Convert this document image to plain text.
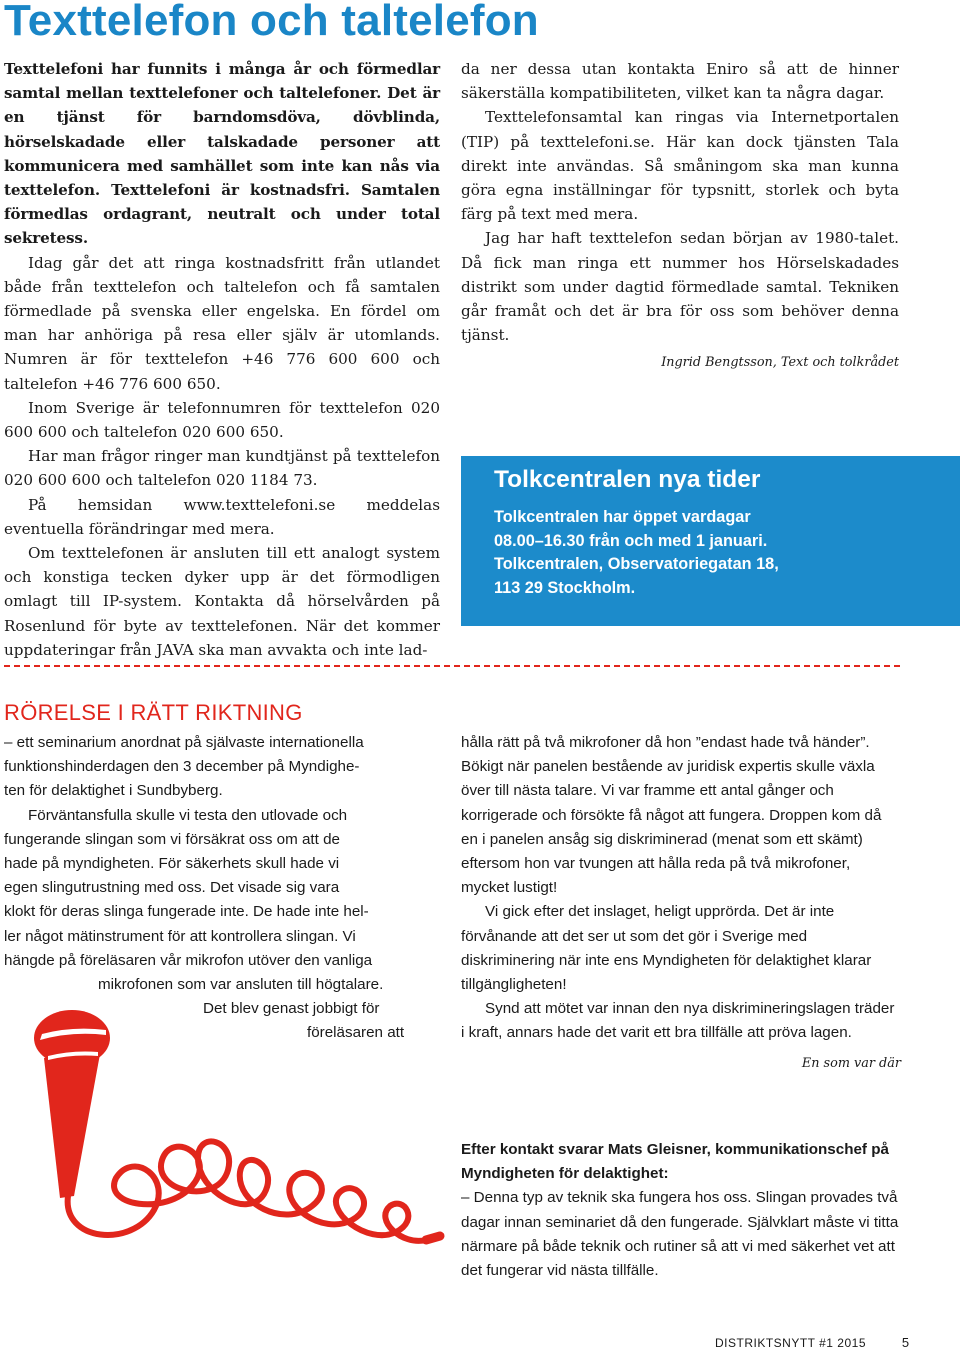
Texttelefon och taltelefon

Texttelefoni har funnits i många år och förmedlar samtal mellan texttelefoner och taltelefoner. Det är en tjänst för barndomsdöva, dövblinda, hörselskadade eller talskadade personer att kommunicera med samhället som inte kan nås via texttelefon. Texttelefoni är kostnadsfri. Samtalen förmedlas ordagrant, neutralt och under total sekretess.

Idag går det att ringa kostnadsfritt från utlandet både från texttelefon och taltelefon och få samtalen förmedlade på svenska eller engelska. En fördel om man har anhöriga på resa eller själv är utomlands. Numren är för texttelefon +46 776 600 600 och taltelefon +46 776 600 650.

Inom Sverige är telefonnumren för texttelefon 020 600 600 och taltelefon 020 600 650.

Har man frågor ringer man kundtjänst på texttelefon 020 600 600 och taltelefon 020 1184 73.

På hemsidan www.texttelefoni.se meddelas eventuella förändringar med mera.

Om texttelefonen är ansluten till ett analogt system och konstiga tecken dyker upp är det förmodligen omlagt till IP-system. Kontakta då hörselvården på Rosenlund för byte av texttelefonen. När det kommer uppdateringar från JAVA ska man avvakta och inte lad-

da ner dessa utan kontakta Eniro så att de hinner säkerställa kompatibiliteten, vilket kan ta några dagar.

Texttelefonsamtal kan ringas via Internetportalen (TIP) på texttelefoni.se. Här kan dock tjänsten Tala direkt inte användas. Så småningom ska man kunna göra egna inställningar för typsnitt, storlek och byta färg på text med mera.

Jag har haft texttelefon sedan början av 1980-talet. Då fick man ringa ett nummer hos Hörselskadades distrikt som under dagtid förmedlade samtal. Tekniken går framåt och det är bra för oss som behöver denna tjänst.

Ingrid Bengtsson, Text och tolkrådet

Tolkcentralen nya tider
Tolkcentralen har öppet vardagar
08.00–16.30 från och med 1 januari.
Tolkcentralen, Observatoriegatan 18,
113 29 Stockholm.
RÖRELSE I RÄTT RIKTNING

– ett seminarium anordnat på självaste internationella
funktionshinderdagen den 3 december på Myndighe-
ten för delaktighet i Sundbyberg.

Förväntansfulla skulle vi testa den utlovade och
fungerande slingan som vi försäkrat oss om att de
hade på myndigheten. För säkerhets skull hade vi
egen slingutrustning med oss. Det visade sig vara
klokt för deras slinga fungerade inte. De hade inte hel-
ler något mätinstrument för att kontrollera slingan. Vi
hängde på föreläsaren vår mikrofon utöver den vanliga
mikrofonen som var ansluten till högtalare.
Det blev genast jobbigt för
föreläsaren att

hålla rätt på två mikrofoner då hon ”endast hade två händer”. Bökigt när panelen bestående av juridisk expertis skulle växla över till nästa talare. Vi var framme ett antal gånger och korrigerade och försökte få något att fungera. Droppen kom då en i panelen ansåg sig diskriminerad (menat som ett skämt) eftersom hon var tvungen att hålla reda på två mikrofoner, mycket lustigt!

Vi gick efter det inslaget, heligt upprörda. Det är inte förvånande att det ser ut som det gör i Sverige med diskriminering när inte ens Myndigheten för delaktighet klarar tillgängligheten!

Synd att mötet var innan den nya diskrimineringslagen träder i kraft, annars hade det varit ett bra tillfälle att pröva lagen.

En som var där

Efter kontakt svarar Mats Gleisner, kommunikationschef på Myndigheten för delaktighet:

– Denna typ av teknik ska fungera hos oss. Slingan provades två dagar innan seminariet då den fungerade. Självklart måste vi titta närmare på både teknik och rutiner så att vi med säkerhet vet att det fungerar vid nästa tillfälle.

DISTRIKTSNYTT #1 2015	5
